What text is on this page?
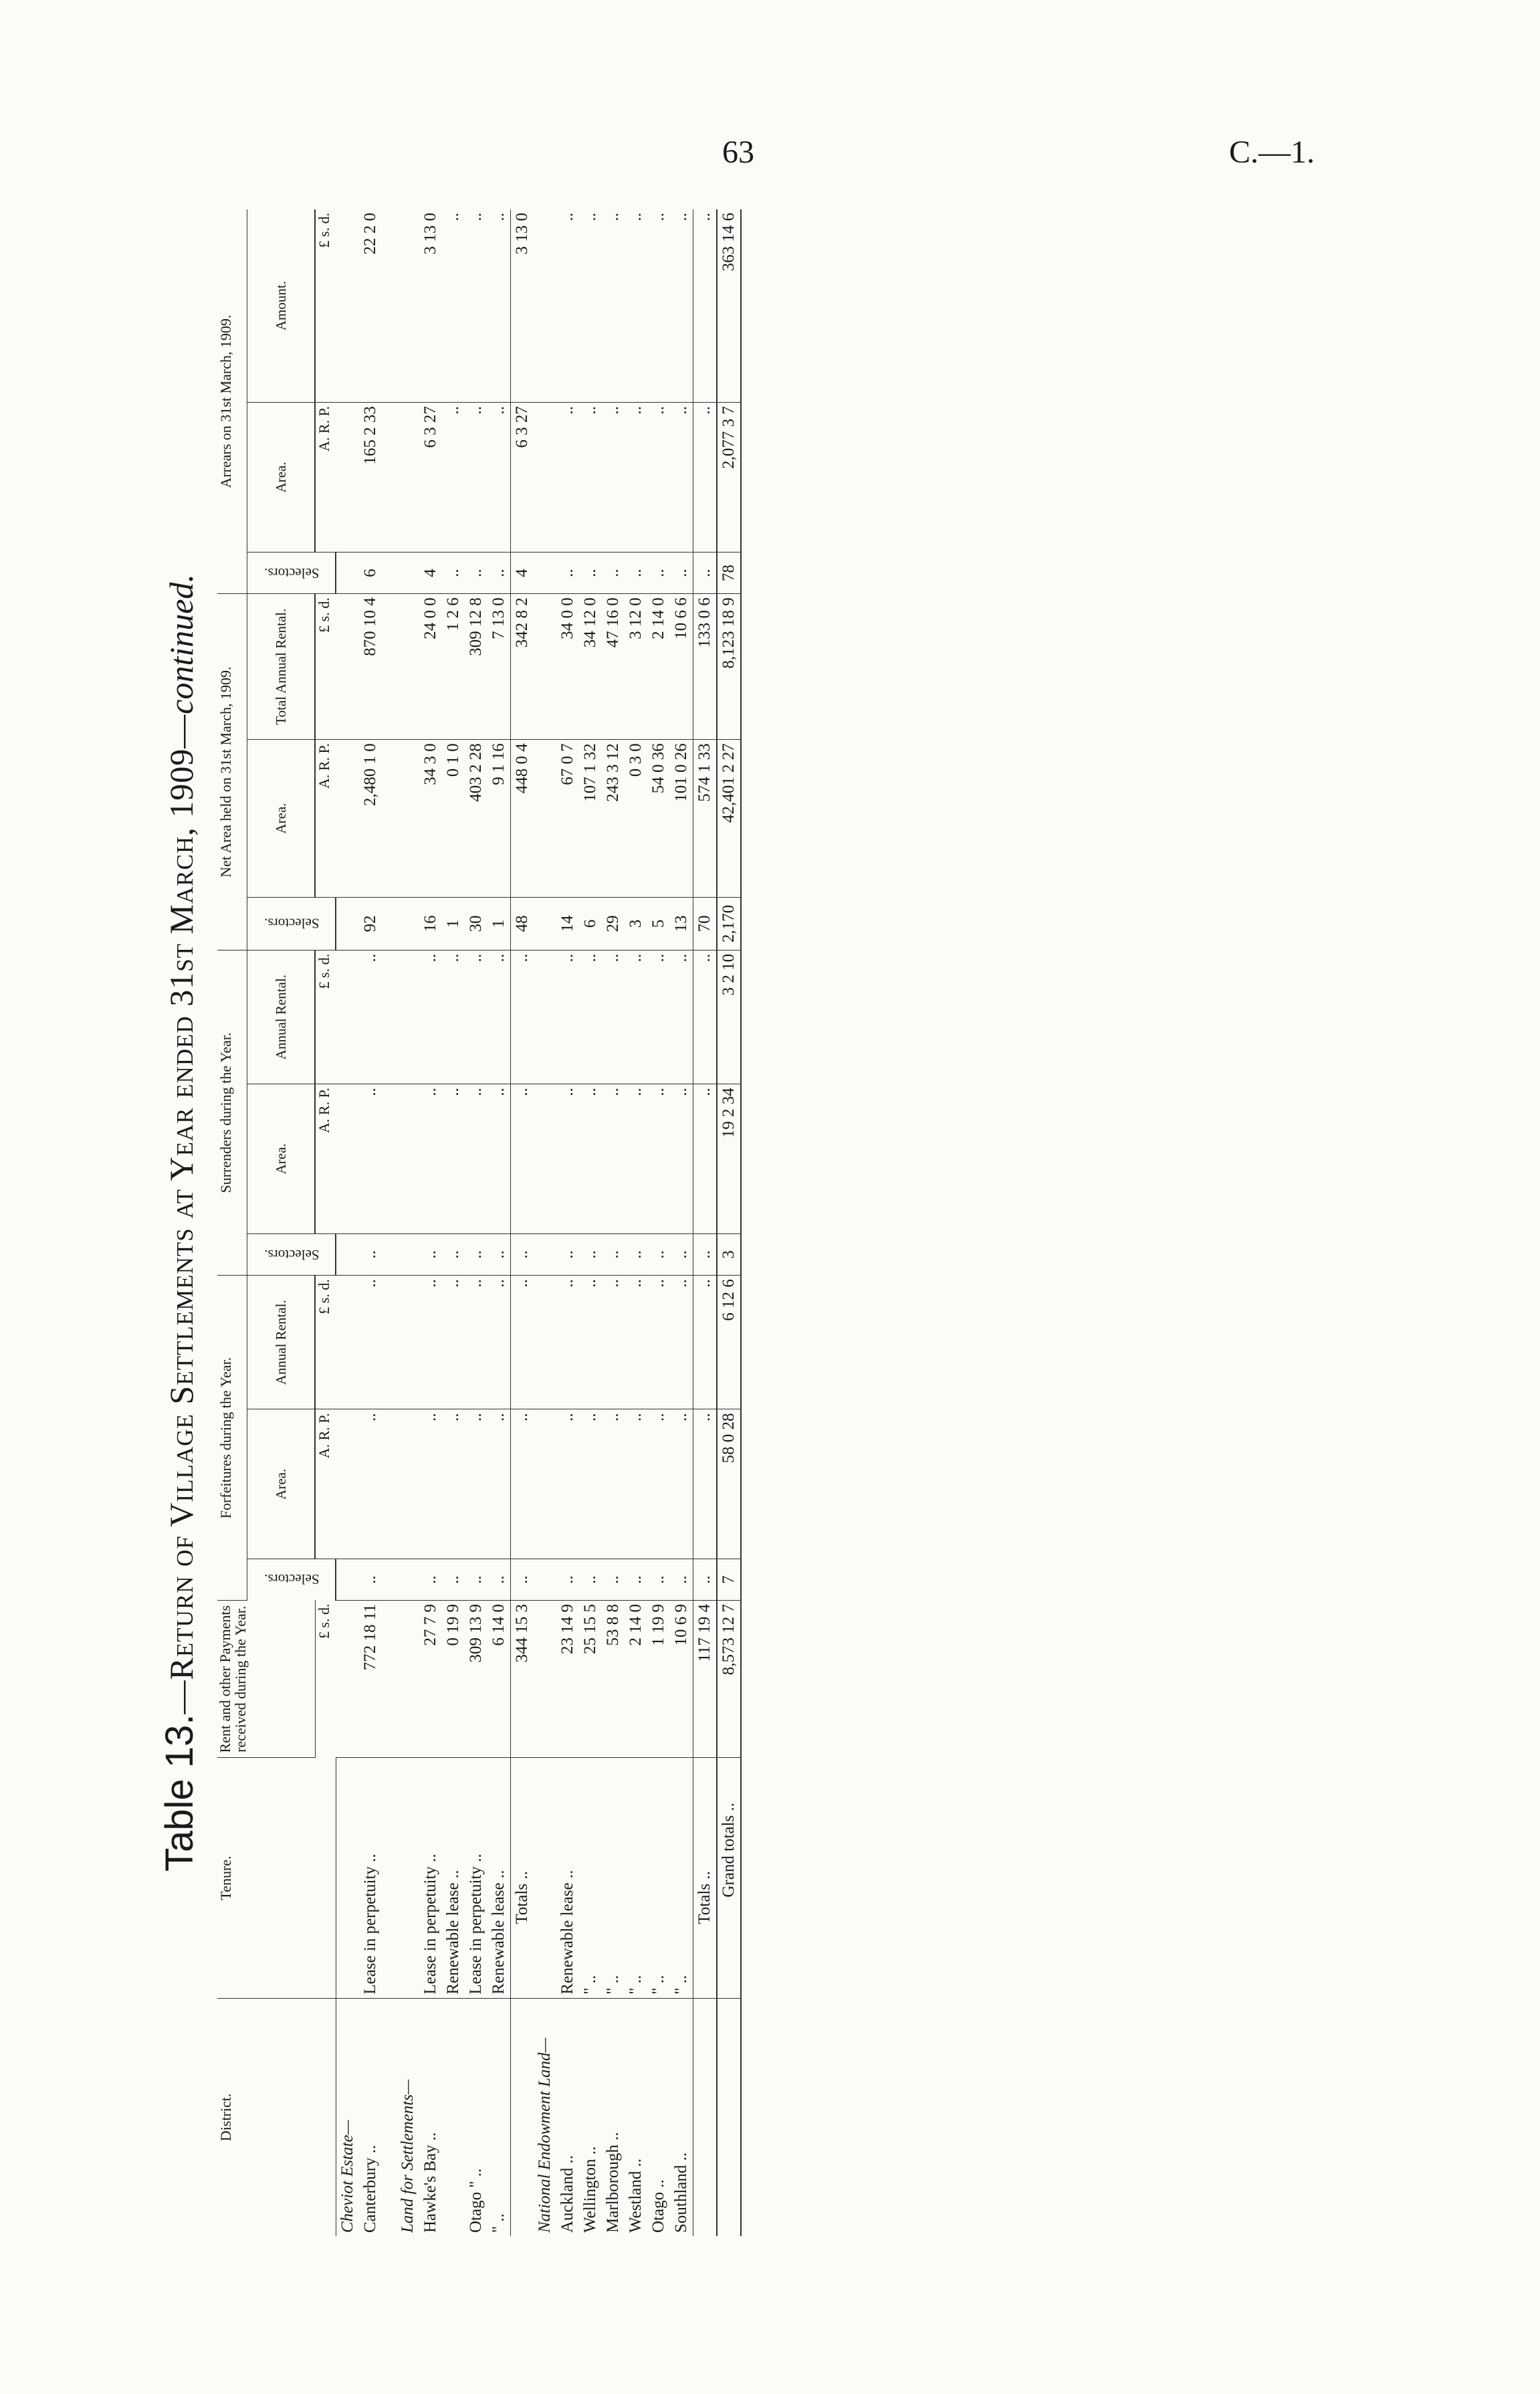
63	C.—1.
Table 13.—Return of Village Settlements at Year ended 31st March, 1909—continued.
District.	Tenure.	Rent and other Payments received during the Year.	Forfeitures during the Year.			Surrenders during the Year.			Net Area held on 31st March, 1909.			Arrears on 31st March, 1909.		
			Selectors.	Area.	Annual Rental.	Selectors.	Area.	Annual Rental.	Selectors.	Area.	Total Annual Rental.	Selectors.	Area.	Amount.
		£ s. d.		A. R. P.	£ s. d.		A. R. P.	£ s. d.		A. R. P.	£ s. d.		A. R. P.	£ s. d.
Cheviot Estate—														
Canterbury ..	Lease in perpetuity ..	772 18 11	..	..	..	..	..	..	92	2,480 1 0	870 10 4	6	165 2 33	22 2 0

Land for Settlements—														
Hawke's Bay ..	Lease in perpetuity ..	27 7 9	..	..	..	..	..	..	16	34 3 0	24 0 0	4	6 3 27	3 13 0
	Renewable lease ..	0 19 9	..	..	..	..	..	..	1	0 1 0	1 2 6	..	..	..
Otago " ..	Lease in perpetuity ..	309 13 9	..	..	..	..	..	..	30	403 2 28	309 12 8	..	..	..
" ..	Renewable lease ..	6 14 0	..	..	..	..	..	..	1	9 1 16	7 13 0	..	..	..
	Totals ..	344 15 3	..	..	..	..	..	..	48	448 0 4	342 8 2	4	6 3 27	3 13 0
National Endowment Land—														
Auckland ..	Renewable lease ..	23 14 9	..	..	..	..	..	..	14	67 0 7	34 0 0	..	..	..
Wellington ..	" ..	25 15 5	..	..	..	..	..	..	6	107 1 32	34 12 0	..	..	..
Marlborough ..	" ..	53 8 8	..	..	..	..	..	..	29	243 3 12	47 16 0	..	..	..
Westland ..	" ..	2 14 0	..	..	..	..	..	..	3	0 3 0	3 12 0	..	..	..
Otago ..	" ..	1 19 9	..	..	..	..	..	..	5	54 0 36	2 14 0	..	..	..
Southland ..	" ..	10 6 9	..	..	..	..	..	..	13	101 0 26	10 6 6	..	..	..
	Totals ..	117 19 4	..	..	..	..	..	..	70	574 1 33	133 0 6	..	..	..
	Grand totals ..	8,573 12 7	7	58 0 28	6 12 6	3	19 2 34	3 2 10	2,170	42,401 2 27	8,123 18 9	78	2,077 3 7	363 14 6
